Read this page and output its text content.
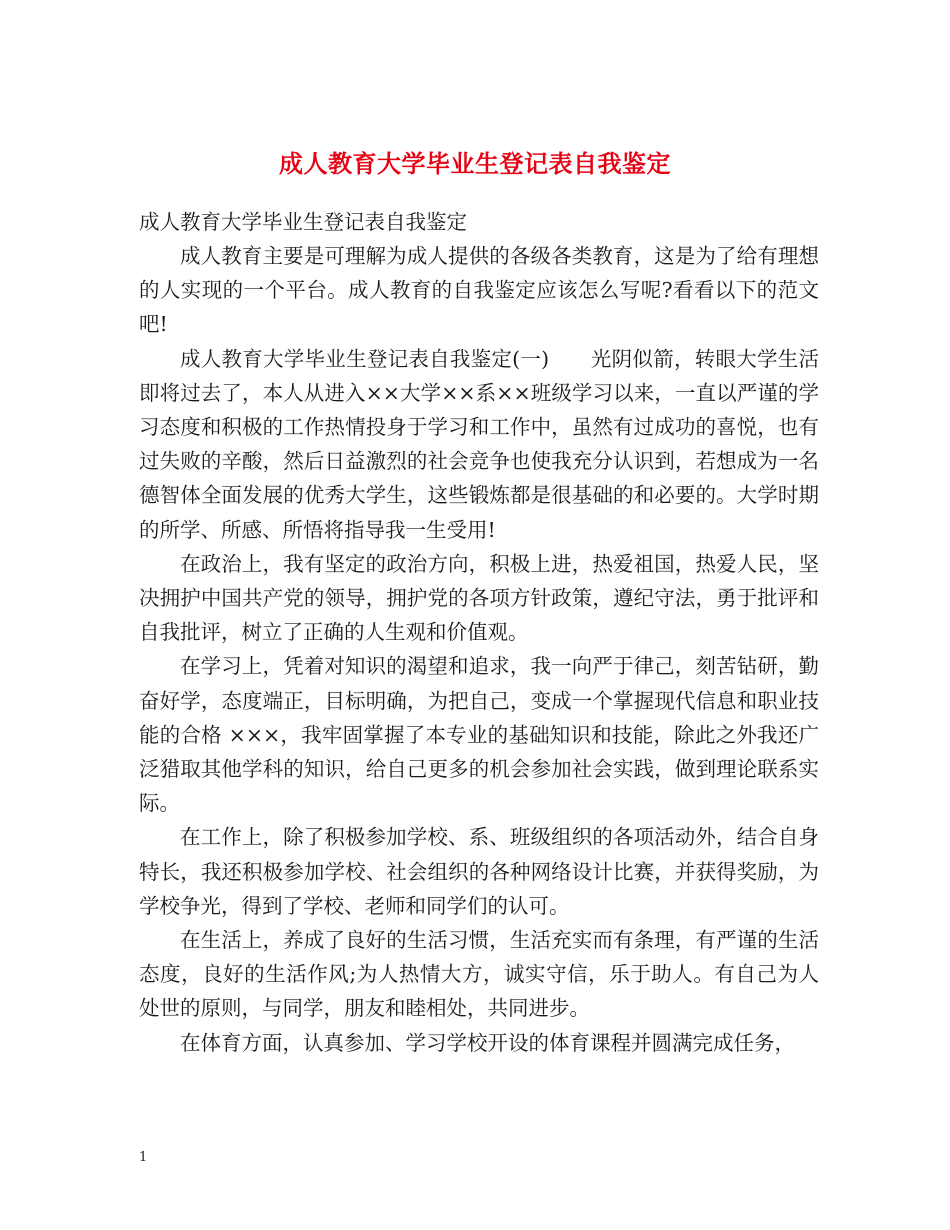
成人教育大学毕业生登记表自我鉴定

成人教育大学毕业生登记表自我鉴定

成人教育主要是可理解为成人提供的各级各类教育，这是为了给有理想的人实现的一个平台。成人教育的自我鉴定应该怎么写呢?看看以下的范文吧!

成人教育大学毕业生登记表自我鉴定(一)　　光阴似箭，转眼大学生活即将过去了，本人从进入××大学××系××班级学习以来，一直以严谨的学习态度和积极的工作热情投身于学习和工作中，虽然有过成功的喜悦，也有过失败的辛酸，然后日益激烈的社会竞争也使我充分认识到，若想成为一名德智体全面发展的优秀大学生，这些锻炼都是很基础的和必要的。大学时期的所学、所感、所悟将指导我一生受用!

在政治上，我有坚定的政治方向，积极上进，热爱祖国，热爱人民，坚决拥护中国共产党的领导，拥护党的各项方针政策，遵纪守法，勇于批评和自我批评，树立了正确的人生观和价值观。

在学习上，凭着对知识的渴望和追求，我一向严于律己，刻苦钻研，勤奋好学，态度端正，目标明确，为把自己，变成一个掌握现代信息和职业技能的合格 ×××，我牢固掌握了本专业的基础知识和技能，除此之外我还广泛猎取其他学科的知识，给自己更多的机会参加社会实践，做到理论联系实际。

在工作上，除了积极参加学校、系、班级组织的各项活动外，结合自身特长，我还积极参加学校、社会组织的各种网络设计比赛，并获得奖励，为学校争光，得到了学校、老师和同学们的认可。

在生活上，养成了良好的生活习惯，生活充实而有条理，有严谨的生活态度，良好的生活作风;为人热情大方，诚实守信，乐于助人。有自己为人处世的原则，与同学，朋友和睦相处，共同进步。

在体育方面，认真参加、学习学校开设的体育课程并圆满完成任务，

1
